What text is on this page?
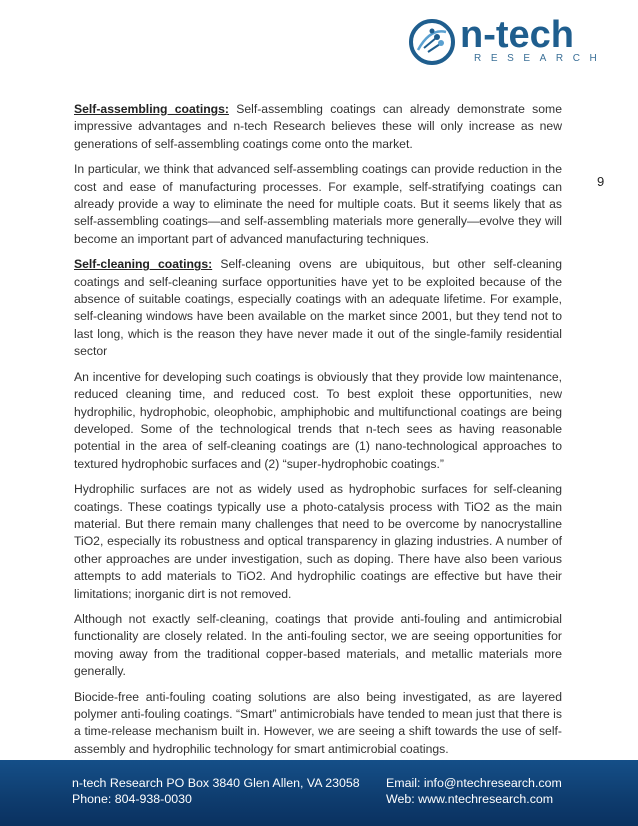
n-tech
RESEARCH
9

Self-assembling coatings: Self-assembling coatings can already demonstrate some impressive advantages and n-tech Research believes these will only increase as new generations of self-assembling coatings come onto the market.

In particular, we think that advanced self-assembling coatings can provide reduction in the cost and ease of manufacturing processes. For example, self-stratifying coatings can already provide a way to eliminate the need for multiple coats. But it seems likely that as self-assembling coatings—and self-assembling materials more generally—evolve they will become an important part of advanced manufacturing techniques.

Self-cleaning coatings: Self-cleaning ovens are ubiquitous, but other self-cleaning coatings and self-cleaning surface opportunities have yet to be exploited because of the absence of suitable coatings, especially coatings with an adequate lifetime. For example, self-cleaning windows have been available on the market since 2001, but they tend not to last long, which is the reason they have never made it out of the single-family residential sector

An incentive for developing such coatings is obviously that they provide low maintenance, reduced cleaning time, and reduced cost. To best exploit these opportunities, new hydrophilic, hydrophobic, oleophobic, amphiphobic and multifunctional coatings are being developed. Some of the technological trends that n-tech sees as having reasonable potential in the area of self-cleaning coatings are (1) nano-technological approaches to textured hydrophobic surfaces and (2) “super-hydrophobic coatings.”

Hydrophilic surfaces are not as widely used as hydrophobic surfaces for self-cleaning coatings. These coatings typically use a photo-catalysis process with TiO2 as the main material. But there remain many challenges that need to be overcome by nanocrystalline TiO2, especially its robustness and optical transparency in glazing industries. A number of other approaches are under investigation, such as doping. There have also been various attempts to add materials to TiO2. And hydrophilic coatings are effective but have their limitations; inorganic dirt is not removed.

Although not exactly self-cleaning, coatings that provide anti-fouling and antimicrobial functionality are closely related. In the anti-fouling sector, we are seeing opportunities for moving away from the traditional copper-based materials, and metallic materials more generally.

Biocide-free anti-fouling coating solutions are also being investigated, as are layered polymer anti-fouling coatings. “Smart” antimicrobials have tended to mean just that there is a time-release mechanism built in. However, we are seeing a shift towards the use of self-assembly and hydrophilic technology for smart antimicrobial coatings.

n-tech Research PO Box 3840 Glen Allen, VA 23058
Phone: 804-938-0030
Email: info@ntechresearch.com
Web: www.ntechresearch.com
